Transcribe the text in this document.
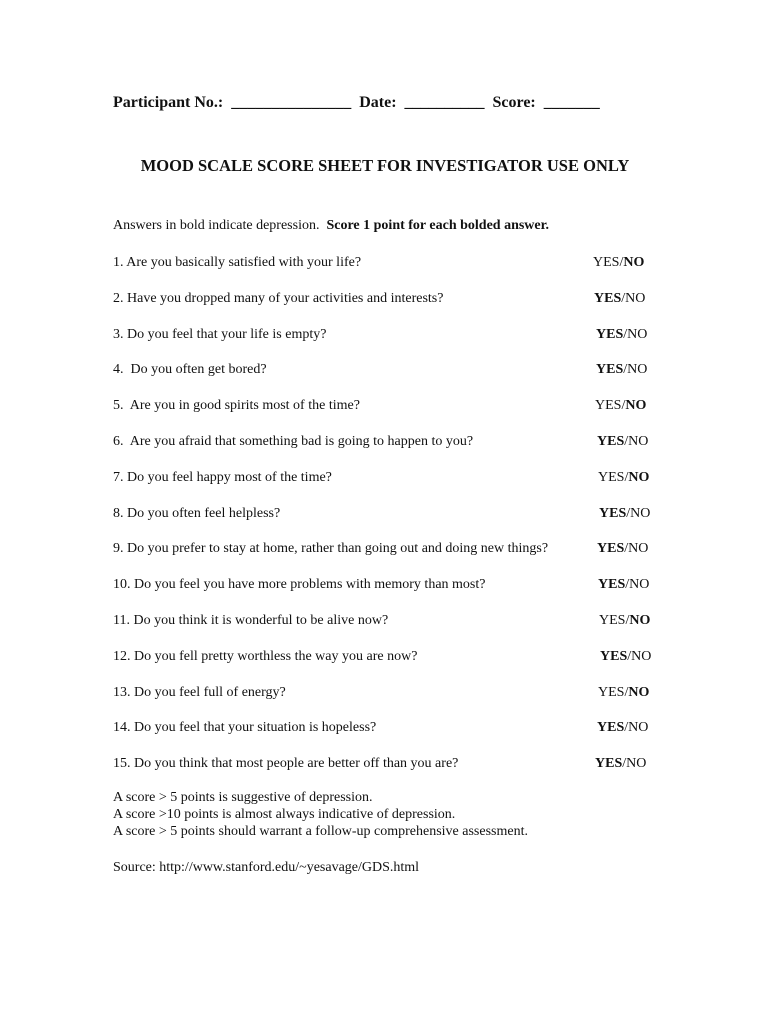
Participant No.: _______________ Date: __________ Score: _______
MOOD SCALE SCORE SHEET FOR INVESTIGATOR USE ONLY
Answers in bold indicate depression. Score 1 point for each bolded answer.
1. Are you basically satisfied with your life?	YES/NO
2. Have you dropped many of your activities and interests?	YES/NO
3. Do you feel that your life is empty?	YES/NO
4.  Do you often get bored?	YES/NO
5.  Are you in good spirits most of the time?	YES/NO
6.  Are you afraid that something bad is going to happen to you?	YES/NO
7. Do you feel happy most of the time?	YES/NO
8. Do you often feel helpless?	YES/NO
9. Do you prefer to stay at home, rather than going out and doing new things?	YES/NO
10. Do you feel you have more problems with memory than most?	YES/NO
11. Do you think it is wonderful to be alive now?	YES/NO
12. Do you fell pretty worthless the way you are now?	YES/NO
13. Do you feel full of energy?	YES/NO
14. Do you feel that your situation is hopeless?	YES/NO
15. Do you think that most people are better off than you are?	YES/NO
A score > 5 points is suggestive of depression.
A score >10 points is almost always indicative of depression.
A score > 5 points should warrant a follow-up comprehensive assessment.
Source: http://www.stanford.edu/~yesavage/GDS.html
